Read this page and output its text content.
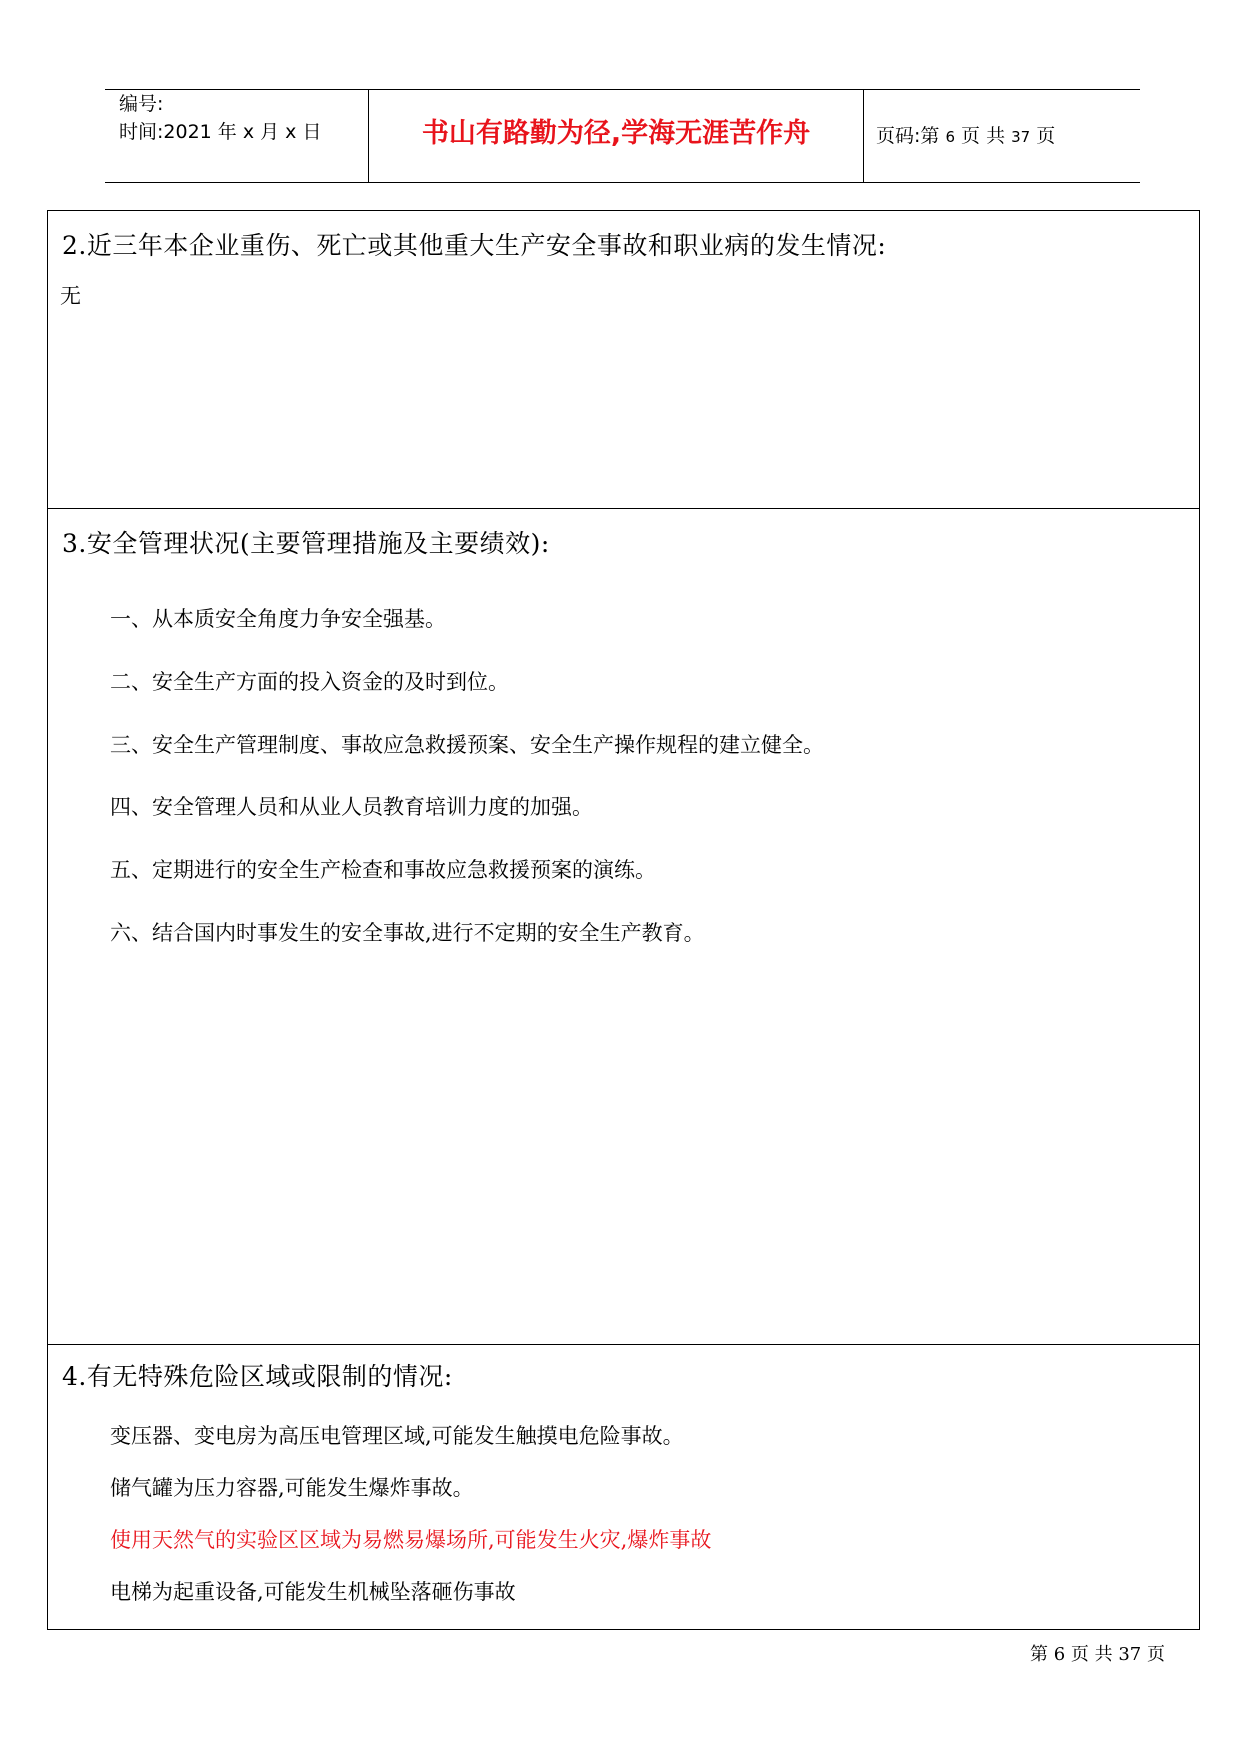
编号:
时间:2021 年 x 月 x 日	书山有路勤为径,学海无涯苦作舟	页码:第 6 页 共 37 页
2.近三年本企业重伤、死亡或其他重大生产安全事故和职业病的发生情况:
无
3.安全管理状况(主要管理措施及主要绩效):
一、从本质安全角度力争安全强基。
二、安全生产方面的投入资金的及时到位。
三、安全生产管理制度、事故应急救援预案、安全生产操作规程的建立健全。
四、安全管理人员和从业人员教育培训力度的加强。
五、定期进行的安全生产检查和事故应急救援预案的演练。
六、结合国内时事发生的安全事故,进行不定期的安全生产教育。
4.有无特殊危险区域或限制的情况:
变压器、变电房为高压电管理区域,可能发生触摸电危险事故。
储气罐为压力容器,可能发生爆炸事故。
使用天然气的实验区区域为易燃易爆场所,可能发生火灾,爆炸事故
电梯为起重设备,可能发生机械坠落砸伤事故
第 6 页 共 37 页
